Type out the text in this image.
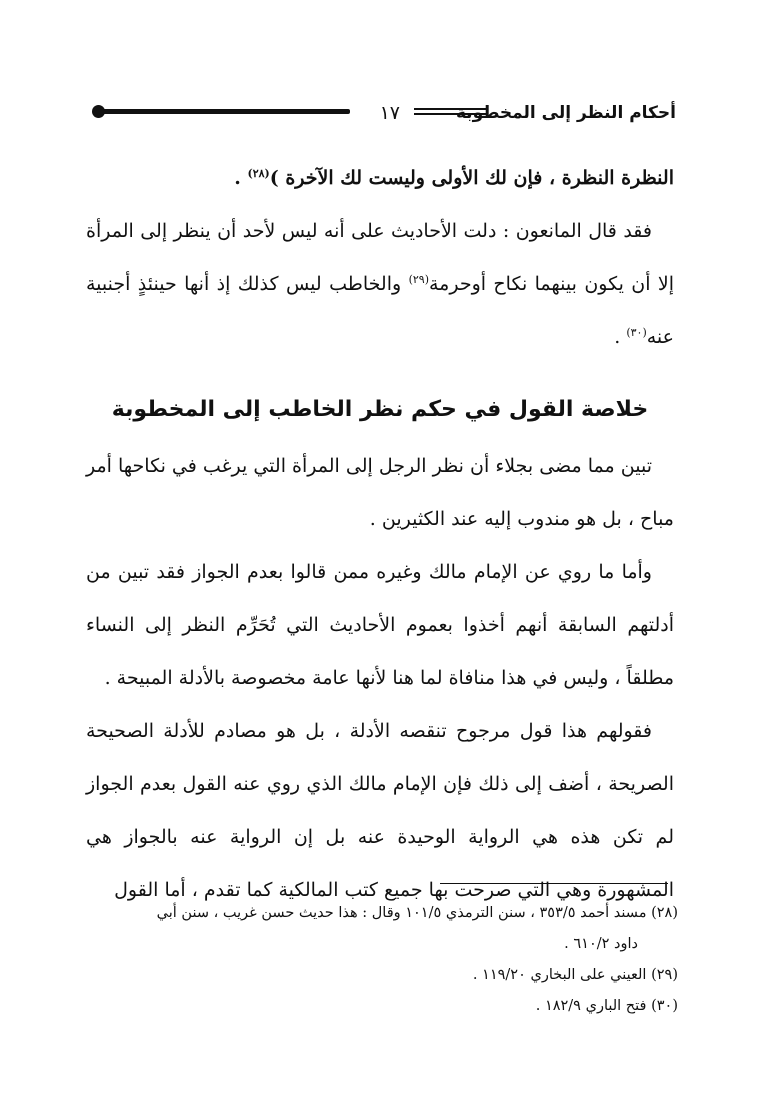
أحكام النظر إلى المخطوبة
١٧

النظرة النظرة ، فإن لك الأولى وليست لك الآخرة )$^{(٢٨)}$ .

فقد قال المانعون : دلت الأحاديث على أنه ليس لأحد أن ينظر إلى المرأة إلا أن يكون بينهما نكاح أوحرمة$^{(٢٩)}$ والخاطب ليس كذلك إذ أنها حينئذٍ أجنبية عنه$^{(٣٠)}$ .

خلاصة القول في حكم نظر الخاطب إلى المخطوبة

تبين مما مضى بجلاء أن نظر الرجل إلى المرأة التي يرغب في نكاحها أمر مباح ، بل هو مندوب إليه عند الكثيرين .

وأما ما روي عن الإمام مالك وغيره ممن قالوا بعدم الجواز فقد تبين من أدلتهم السابقة أنهم أخذوا بعموم الأحاديث التي تُحَرِّم النظر إلى النساء مطلقاً ، وليس في هذا منافاة لما هنا لأنها عامة مخصوصة بالأدلة المبيحة .

فقولهم هذا قول مرجوح تنقصه الأدلة ، بل هو مصادم للأدلة الصحيحة الصريحة ، أضف إلى ذلك فإن الإمام مالك الذي روي عنه القول بعدم الجواز لم تكن هذه هي الرواية الوحيدة عنه بل إن الرواية عنه بالجواز هي المشهورة وهي التي صرحت بها جميع كتب المالكية كما تقدم ، أما القول

(٢٨) مسند أحمد ٣٥٣/٥ ، سنن الترمذي ١٠١/٥ وقال : هذا حديث حسن غريب ، سنن أبي

داود ٦١٠/٢ .

(٢٩) العيني على البخاري ١١٩/٢٠ .

(٣٠) فتح الباري ١٨٢/٩ .
